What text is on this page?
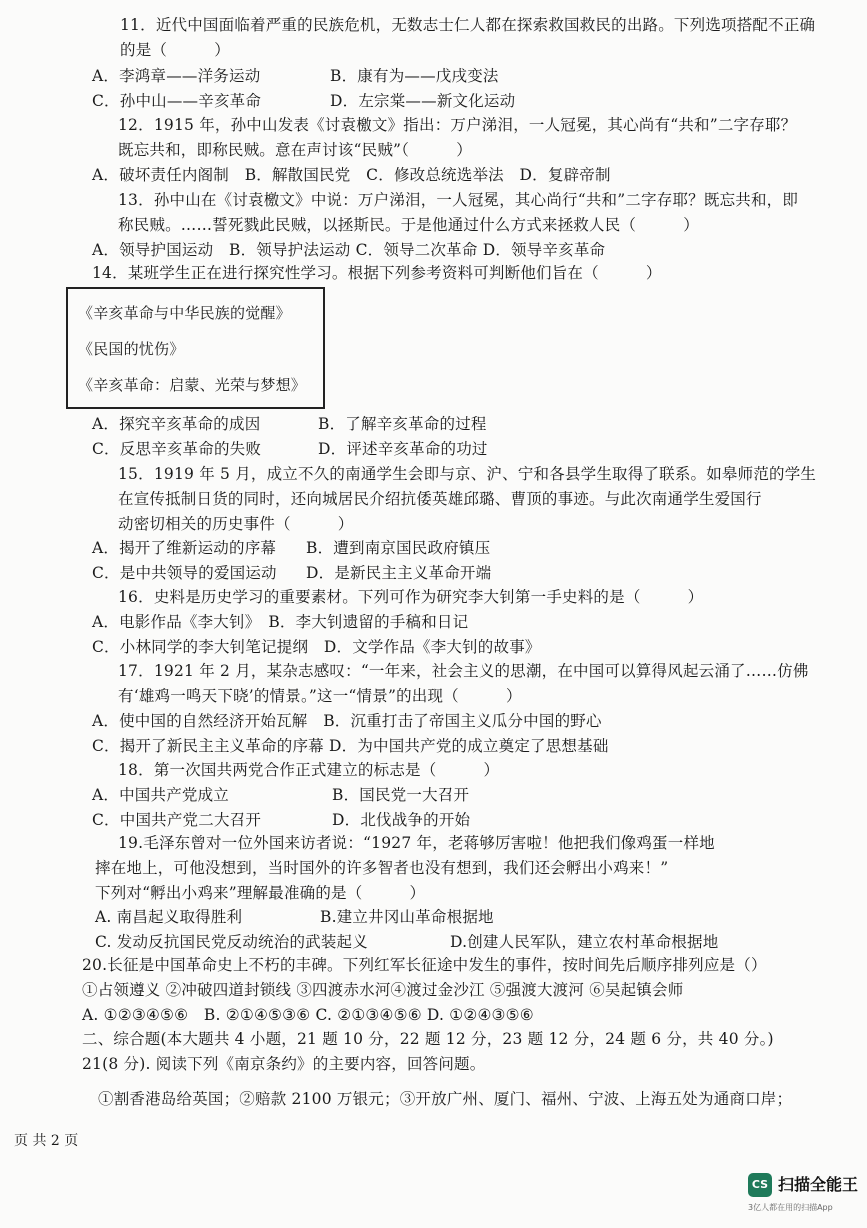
11．近代中国面临着严重的民族危机，无数志士仁人都在探索救国救民的出路。下列选项搭配不正确
的是（　　　）
A．李鸿章——洋务运动	B．康有为——戊戌变法
C．孙中山——辛亥革命	D．左宗棠——新文化运动
12．1915 年，孙中山发表《讨袁檄文》指出：万户涕泪，一人冠冕，其心尚有“共和”二字存耶？
既忘共和，即称民贼。意在声讨该“民贼”（　　　）
A．破坏责任内阁制　B．解散国民党　C．修改总统选举法　D．复辟帝制
13．孙中山在《讨袁檄文》中说：万户涕泪，一人冠冕，其心尚行“共和”二字存耶？既忘共和，即
称民贼。……誓死戮此民贼，以拯斯民。于是他通过什么方式来拯救人民（　　　）
A．领导护国运动　B．领导护法运动 C．领导二次革命 D．领导辛亥革命
14．某班学生正在进行探究性学习。根据下列参考资料可判断他们旨在（　　　）
《辛亥革命与中华民族的觉醒》
《民国的忧伤》
《辛亥革命：启蒙、光荣与梦想》
A．探究辛亥革命的成因	B．了解辛亥革命的过程
C．反思辛亥革命的失败	D．评述辛亥革命的功过
15．1919 年 5 月，成立不久的南通学生会即与京、沪、宁和各县学生取得了联系。如皋师范的学生
在宣传抵制日货的同时，还向城居民介绍抗倭英雄邱璐、曹顶的事迹。与此次南通学生爱国行
动密切相关的历史事件（　　　）
A．揭开了维新运动的序幕 B．遭到南京国民政府镇压
C．是中共领导的爱国运动 D．是新民主主义革命开端
16．史料是历史学习的重要素材。下列可作为研究李大钊第一手史料的是（　　　）
A．电影作品《李大钊》　B．李大钊遗留的手稿和日记
C．小林同学的李大钊笔记提纲　D．文学作品《李大钊的故事》
17．1921 年 2 月，某杂志感叹：“一年来，社会主义的思潮，在中国可以算得风起云涌了……仿佛
有‘雄鸡一鸣天下晓’的情景。”这一“情景”的出现（　　　）
A．使中国的自然经济开始瓦解　B．沉重打击了帝国主义瓜分中国的野心
C．揭开了新民主主义革命的序幕 D．为中国共产党的成立奠定了思想基础
18．第一次国共两党合作正式建立的标志是（　　　）
A．中国共产党成立	B．国民党一大召开
C．中国共产党二大召开	D．北伐战争的开始
19.毛泽东曾对一位外国来访者说：“1927 年，老蒋够厉害啦！他把我们像鸡蛋一样地
摔在地上，可他没想到，当时国外的许多智者也没有想到，我们还会孵出小鸡来！”
下列对“孵出小鸡来”理解最准确的是（　　　）
A. 南昌起义取得胜利	B.建立井冈山革命根据地
C. 发动反抗国民党反动统治的武装起义	D.创建人民军队，建立农村革命根据地
20.长征是中国革命史上不朽的丰碑。下列红军长征途中发生的事件，按时间先后顺序排列应是（）
①占领遵义 ②冲破四道封锁线 ③四渡赤水河④渡过金沙江 ⑤强渡大渡河 ⑥吴起镇会师
A. ①②③④⑤⑥　B. ②①④⑤③⑥ C. ②①③④⑤⑥ D. ①②④③⑤⑥
二、综合题(本大题共 4 小题，21 题 10 分，22 题 12 分，23 题 12 分，24 题 6 分，共 40 分。)
21(8 分). 阅读下列《南京条约》的主要内容，回答问题。
①割香港岛给英国；②赔款 2100 万银元；③开放广州、厦门、福州、宁波、上海五处为通商口岸；
页 共 2 页
CS 扫描全能王
3亿人都在用的扫描App
